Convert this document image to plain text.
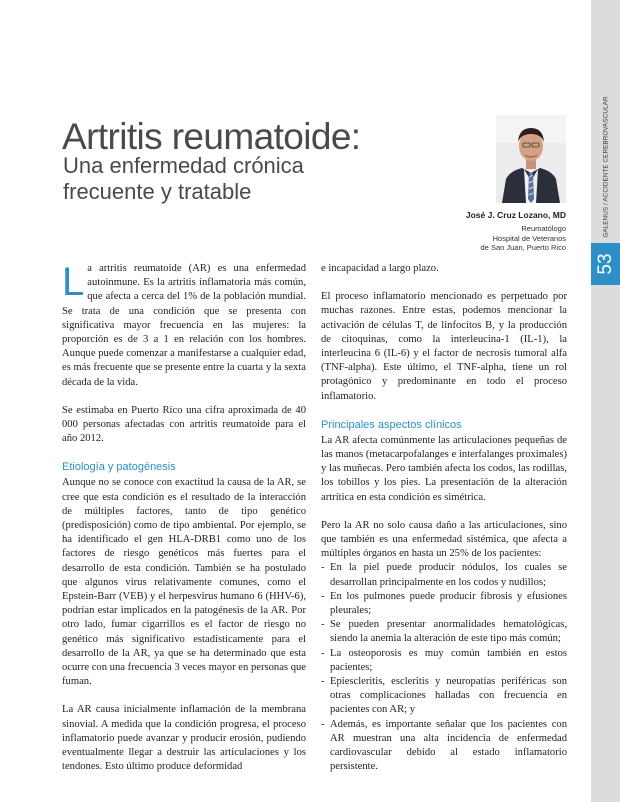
GALENUS / ACCIDENTE CEREBROVASCULAR
53
Artritis reumatoide:
Una enfermedad crónica frecuente y tratable
José J. Cruz Lozano, MD
Reumatólogo
Hospital de Veteranos
de San Juan, Puerto Rico

La artritis reumatoide (AR) es una enfermedad autoinmune. Es la artritis inflamatoria más común, que afecta a cerca del 1% de la población mundial. Se trata de una condición que se presenta con significativa mayor frecuencia en las mujeres: la proporción es de 3 a 1 en relación con los hombres. Aunque puede comenzar a manifestarse a cualquier edad, es más frecuente que se presente entre la cuarta y la sexta década de la vida.

Se estimaba en Puerto Rico una cifra aproximada de 40 000 personas afectadas con artritis reumatoide para el año 2012.

Etiología y patogénesis

Aunque no se conoce con exactitud la causa de la AR, se cree que esta condición es el resultado de la interacción de múltiples factores, tanto de tipo genético (predisposición) como de tipo ambiental. Por ejemplo, se ha identificado el gen HLA-DRB1 como uno de los factores de riesgo genéticos más fuertes para el desarrollo de esta condición. También se ha postulado que algunos virus relativamente comunes, como el Epstein-Barr (VEB) y el herpesvirus humano 6 (HHV-6), podrían estar implicados en la patogénesis de la AR. Por otro lado, fumar cigarrillos es el factor de riesgo no genético más significativo estadísticamente para el desarrollo de la AR, ya que se ha determinado que esta ocurre con una frecuencia 3 veces mayor en personas que fuman.

La AR causa inicialmente inflamación de la membrana sinovial. A medida que la condición progresa, el proceso inflamatorio puede avanzar y producir erosión, pudiendo eventualmente llegar a destruir las articulaciones y los tendones. Esto último produce deformidad

e incapacidad a largo plazo.

El proceso inflamatorio mencionado es perpetuado por muchas razones. Entre estas, podemos mencionar la activación de células T, de linfocitos B, y la producción de citoquinas, como la interleucina-1 (IL-1), la interleucina 6 (IL-6) y el factor de necrosis tumoral alfa (TNF-alpha). Este último, el TNF-alpha, tiene un rol protagónico y predominante en todo el proceso inflamatorio.

Principales aspectos clínicos

La AR afecta comúnmente las articulaciones pequeñas de las manos (metacarpofalanges e interfalanges proximales) y las muñecas. Pero también afecta los codos, las rodillas, los tobillos y los pies. La presentación de la alteración artrítica en esta condición es simétrica.

Pero la AR no solo causa daño a las articulaciones, sino que también es una enfermedad sistémica, que afecta a múltiples órganos en hasta un 25% de los pacientes:

- En la piel puede producir nódulos, los cuales se desarrollan principalmente en los codos y nudillos;
- En los pulmones puede producir fibrosis y efusiones pleurales;
- Se pueden presentar anormalidades hematológicas, siendo la anemia la alteración de este tipo más común;
- La osteoporosis es muy común también en estos pacientes;
- Epiescleritis, escleritis y neuropatías periféricas son otras complicaciones halladas con frecuencia en pacientes con AR; y
- Además, es importante señalar que los pacientes con AR muestran una alta incidencia de enfermedad cardiovascular debido al estado inflamatorio persistente.
